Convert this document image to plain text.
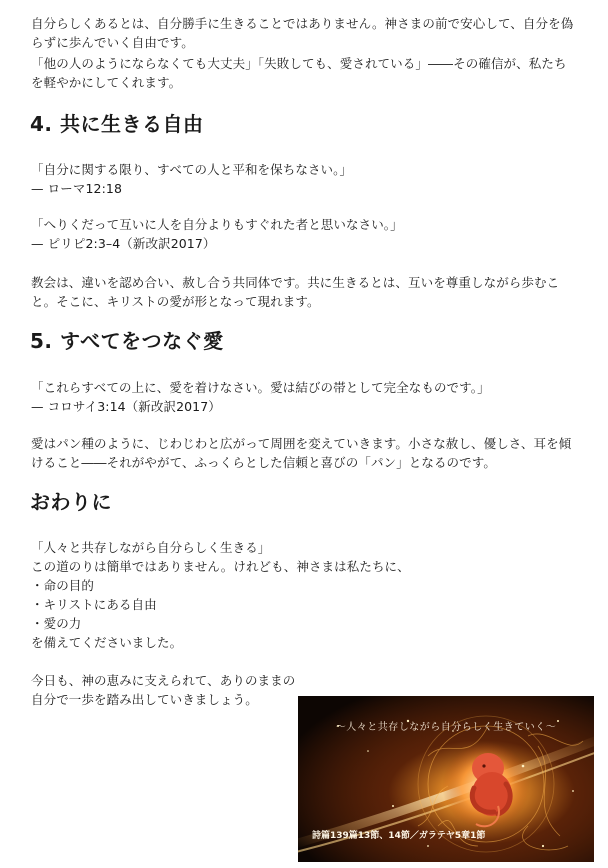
自分らしくあるとは、自分勝手に生きることではありません。神さまの前で安心して、自分を偽
らずに歩んでいく自由です。
「他の人のようにならなくても大丈夫」「失敗しても、愛されている」――その確信が、私たち
を軽やかにしてくれます。
4. 共に生きる自由
「自分に関する限り、すべての人と平和を保ちなさい。」
— ローマ12:18
「へりくだって互いに人を自分よりもすぐれた者と思いなさい。」
— ピリピ2:3–4（新改訳2017）
教会は、違いを認め合い、赦し合う共同体です。共に生きるとは、互いを尊重しながら歩むこ
と。そこに、キリストの愛が形となって現れます。
5. すべてをつなぐ愛
「これらすべての上に、愛を着けなさい。愛は結びの帯として完全なものです。」
— コロサイ3:14（新改訳2017）
愛はパン種のように、じわじわと広がって周囲を変えていきます。小さな赦し、優しさ、耳を傾
けること――それがやがて、ふっくらとした信頼と喜びの「パン」となるのです。
おわりに
「人々と共存しながら自分らしく生きる」
この道のりは簡単ではありません。けれども、神さまは私たちに、
・命の目的
・キリストにある自由
・愛の力
を備えてくださいました。
今日も、神の恵みに支えられて、ありのままの
自分で一歩を踏み出していきましょう。
～人々と共存しながら自分らしく生きていく～
詩篇139篇13節、14節／ガラテヤ5章1節
